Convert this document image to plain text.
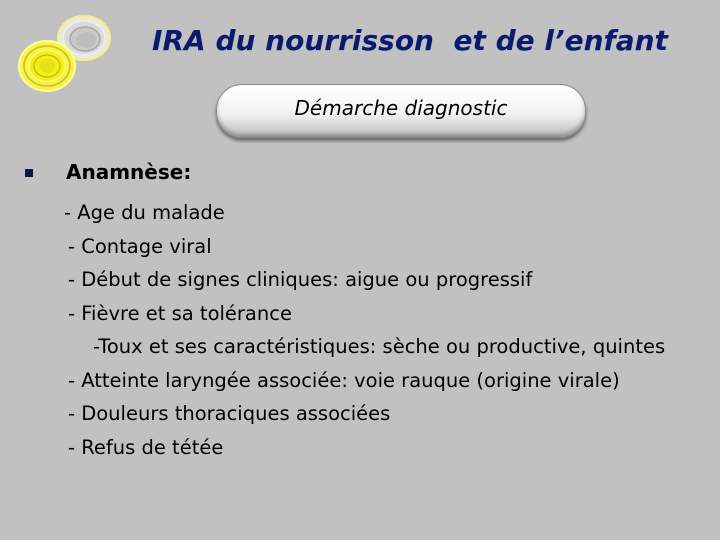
IRA du nourrisson  et de l’enfant
Démarche diagnostic
Anamnèse:
- Age du malade
- Contage viral
- Début de signes cliniques: aigue ou progressif
- Fièvre et sa tolérance
-Toux et ses caractéristiques: sèche ou productive, quintes
- Atteinte laryngée associée: voie rauque (origine virale)
- Douleurs thoraciques associées
- Refus de tétée
